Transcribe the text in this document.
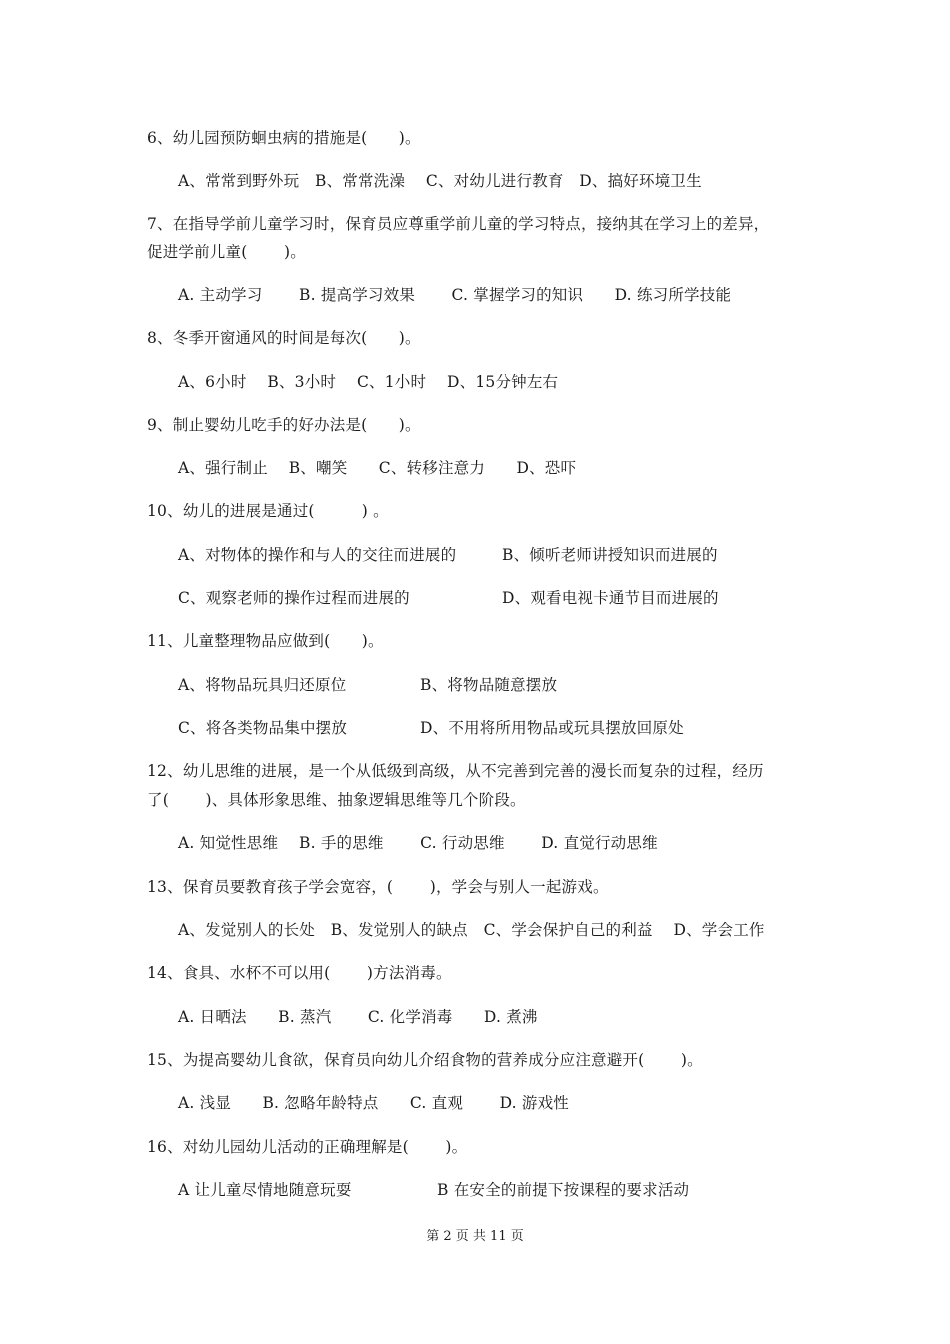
6、幼儿园预防蛔虫病的措施是(　　)。
A、常常到野外玩　B、常常洗澡　 C、对幼儿进行教育　D、搞好环境卫生
7、在指导学前儿童学习时，保育员应尊重学前儿童的学习特点，接纳其在学习上的差异，
促进学前儿童(　　 )。
A. 主动学习　　 B. 提高学习效果　　 C. 掌握学习的知识　　D. 练习所学技能
8、冬季开窗通风的时间是每次(　　)。
A、6小时　 B、3小时　 C、1小时　 D、15分钟左右
9、制止婴幼儿吃手的好办法是(　　)。
A、强行制止　 B、嘲笑　　C、转移注意力　　D、恐吓
10、幼儿的进展是通过(　　　) 。
A、对物体的操作和与人的交往而进展的	B、倾听老师讲授知识而进展的
C、观察老师的操作过程而进展的	D、观看电视卡通节目而进展的
11、儿童整理物品应做到(　　)。
A、将物品玩具归还原位	B、将物品随意摆放
C、将各类物品集中摆放	D、不用将所用物品或玩具摆放回原处
12、幼儿思维的进展，是一个从低级到高级，从不完善到完善的漫长而复杂的过程，经历
了(　　 )、具体形象思维、抽象逻辑思维等几个阶段。
A. 知觉性思维　 B. 手的思维　　 C. 行动思维　　 D. 直觉行动思维
13、保育员要教育孩子学会宽容，(　　 )，学会与别人一起游戏。
A、发觉别人的长处　B、发觉别人的缺点　C、学会保护自己的利益　 D、学会工作
14、食具、水杯不可以用(　　 )方法消毒。
A. 日晒法　　B. 蒸汽　　 C. 化学消毒　　D. 煮沸
15、为提高婴幼儿食欲，保育员向幼儿介绍食物的营养成分应注意避开(　　 )。
A. 浅显　　B. 忽略年龄特点　　C. 直观　　 D. 游戏性
16、对幼儿园幼儿活动的正确理解是(　　 )。
A 让儿童尽情地随意玩耍	B 在安全的前提下按课程的要求活动
第 2 页 共 11 页
